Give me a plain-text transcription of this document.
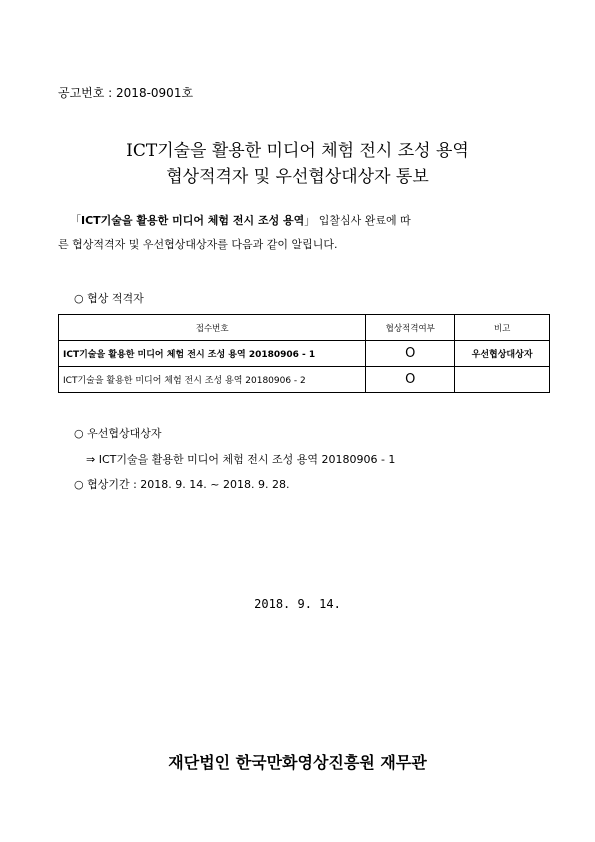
공고번호 : 2018-0901호
ICT기술을 활용한 미디어 체험 전시 조성 용역
협상적격자 및 우선협상대상자 통보
「ICT기술을 활용한 미디어 체험 전시 조성 용역」 입찰심사 완료에 따
른 협상적격자 및 우선협상대상자를 다음과 같이 알립니다.
○ 협상 적격자
접수번호	협상적격여부	비고
ICT기술을 활용한 미디어 체험 전시 조성 용역 20180906 - 1	O	우선협상대상자
ICT기술을 활용한 미디어 체험 전시 조성 용역 20180906 - 2	O	
○ 우선협상대상자
⇒ ICT기술을 활용한 미디어 체험 전시 조성 용역 20180906 - 1
○ 협상기간 : 2018. 9. 14. ~ 2018. 9. 28.
2018. 9. 14.
재단법인 한국만화영상진흥원 재무관
